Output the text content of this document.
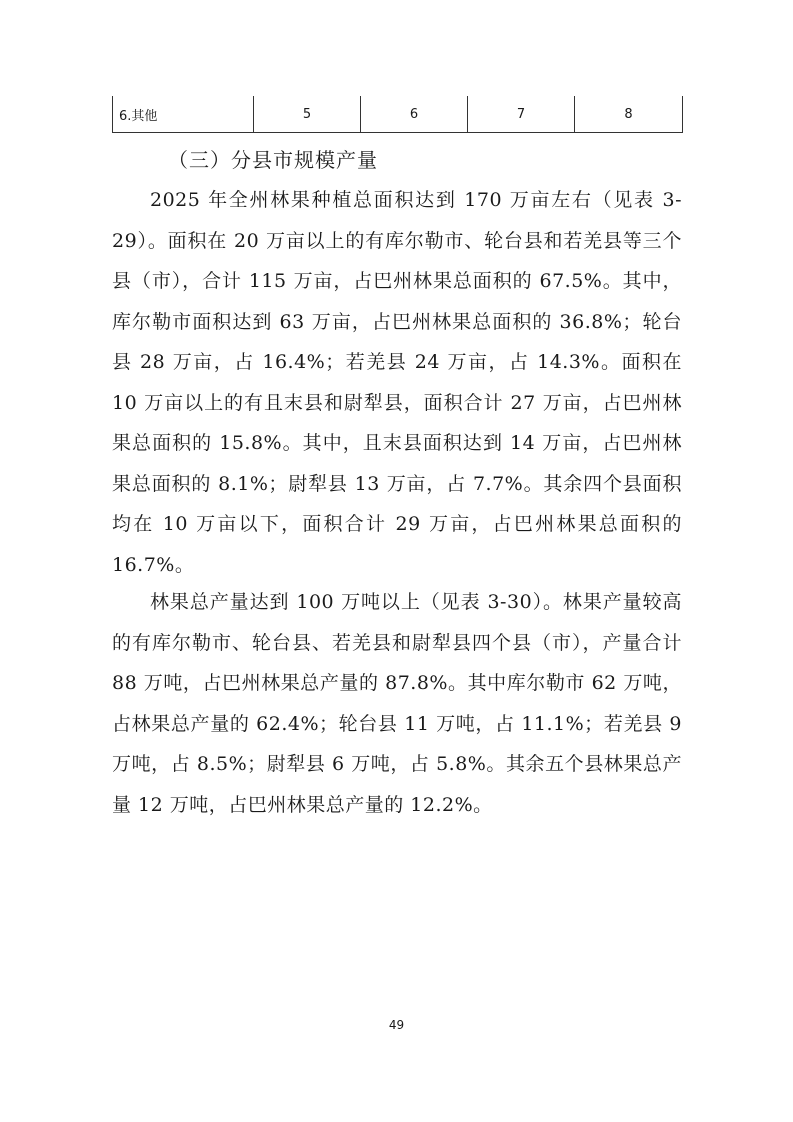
6.其他	5	6	7	8
（三）分县市规模产量

2025 年全州林果种植总面积达到 170 万亩左右（见表 3-29）。面积在 20 万亩以上的有库尔勒市、轮台县和若羌县等三个县（市），合计 115 万亩，占巴州林果总面积的 67.5%。其中，库尔勒市面积达到 63 万亩，占巴州林果总面积的 36.8%；轮台县 28 万亩，占 16.4%；若羌县 24 万亩，占 14.3%。面积在 10 万亩以上的有且末县和尉犁县，面积合计 27 万亩，占巴州林果总面积的 15.8%。其中，且末县面积达到 14 万亩，占巴州林果总面积的 8.1%；尉犁县 13 万亩，占 7.7%。其余四个县面积均在 10 万亩以下，面积合计 29 万亩，占巴州林果总面积的 16.7%。

林果总产量达到 100 万吨以上（见表 3-30）。林果产量较高的有库尔勒市、轮台县、若羌县和尉犁县四个县（市），产量合计 88 万吨，占巴州林果总产量的 87.8%。其中库尔勒市 62 万吨，占林果总产量的 62.4%；轮台县 11 万吨，占 11.1%；若羌县 9 万吨，占 8.5%；尉犁县 6 万吨，占 5.8%。其余五个县林果总产量 12 万吨，占巴州林果总产量的 12.2%。

49
